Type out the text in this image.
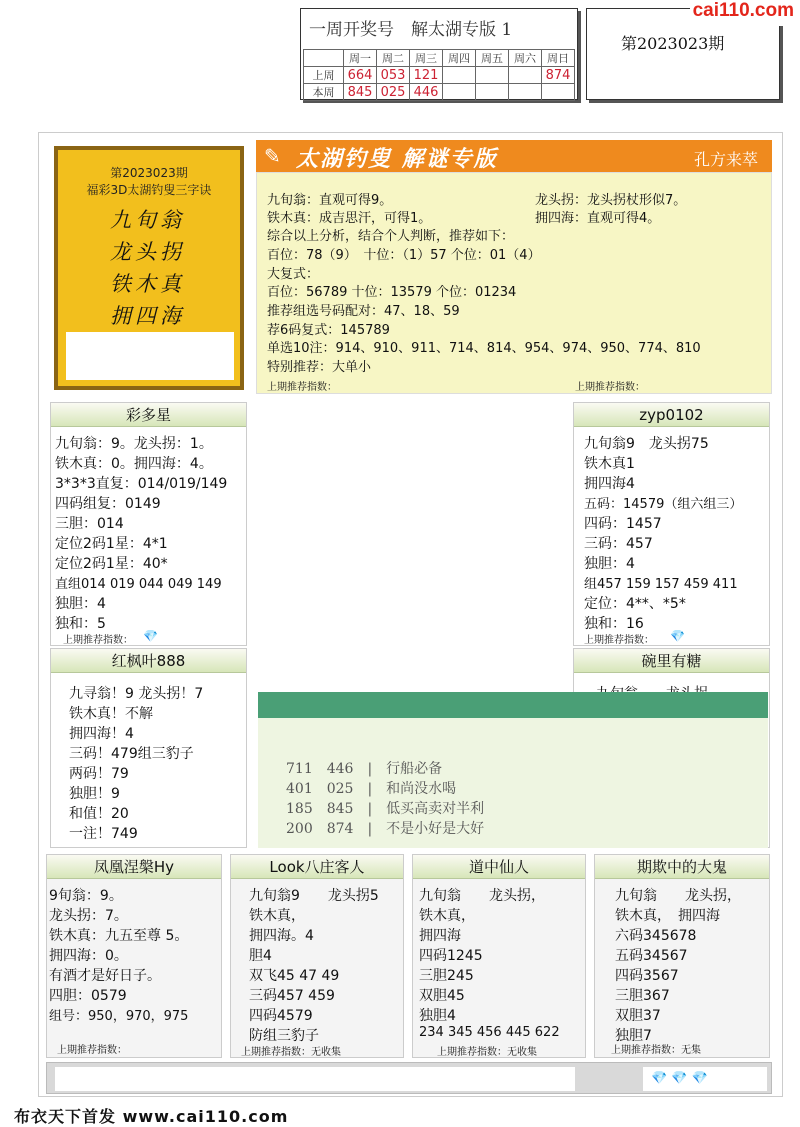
一周开奖号　解太湖专版 1
	周一	周二	周三	周四	周五	周六	周日
上周	664	053	121				874
本周	845	025	446				
第2023023期
cai110.com
第2023023期
福彩3D太湖钓叟三字诀
九旬翁
龙头拐
铁木真
拥四海
✎ 太湖钓叟 解谜专版	孔方来萃
九旬翁：直观可得9。	龙头拐：龙头拐杖形似7。
铁木真：成吉思汗，可得1。	拥四海：直观可得4。
综合以上分析，结合个人判断，推荐如下：
百位：78（9）　十位：（1）57 个位：01（4）
大复式：
百位：56789 十位：13579 个位：01234
推荐组选号码配对：47、18、59
荐6码复式：145789
单选10注：914、910、911、714、814、954、974、950、774、810
特别推荐：大单小
上期推荐指数：	上期推荐指数：
彩多星
九旬翁：9。龙头拐：1。
铁木真：0。拥四海：4。
3*3*3直复：014/019/149
四码组复：0149
三胆：014
定位2码1星：4*1
定位2码1星：40*
直组014 019 044 049 149
独胆：4
独和：5
上期推荐指数： 💎
zyp0102
九旬翁9　龙头拐75
铁木真1
拥四海4
五码：14579（组六组三）
四码：1457
三码：457
独胆：4
组457 159 157 459 411
定位：4**、*5*
独和：16
上期推荐指数： 💎
红枫叶888
九寻翁！9 龙头拐！7
铁木真！不解
拥四海！4
三码！479组三豹子
两码！79
独胆！9
和值！20
一注！749
碗里有糖
711　446　|　行船必备
401　025　|　和尚没水喝
185　845　|　低买高卖对半利
200　874　|　不是小好是大好
凤凰涅槃Hy
9旬翁：9。
龙头拐：7。
铁木真：九五至尊 5。
拥四海：0。
有酒才是好日子。
四胆：0579
组号：950，970，975
上期推荐指数：
Look八庄客人
九旬翁9　　龙头拐5
铁木真，
拥四海。4
胆4
双飞45 47 49
三码457 459
四码4579
防组三豹子
上期推荐指数：无收集
道中仙人
九旬翁　　龙头拐，
铁木真，
拥四海
四码1245
三胆245
双胆45
独胆4
234 345 456 445 622
上期推荐指数：无收集
期欺中的大鬼
九旬翁　　龙头拐，
铁木真，　拥四海
六码345678
五码34567
四码3567
三胆367
双胆37
独胆7
上期推荐指数：无集
💎 💎 💎
布衣天下首发 www.cai110.com
